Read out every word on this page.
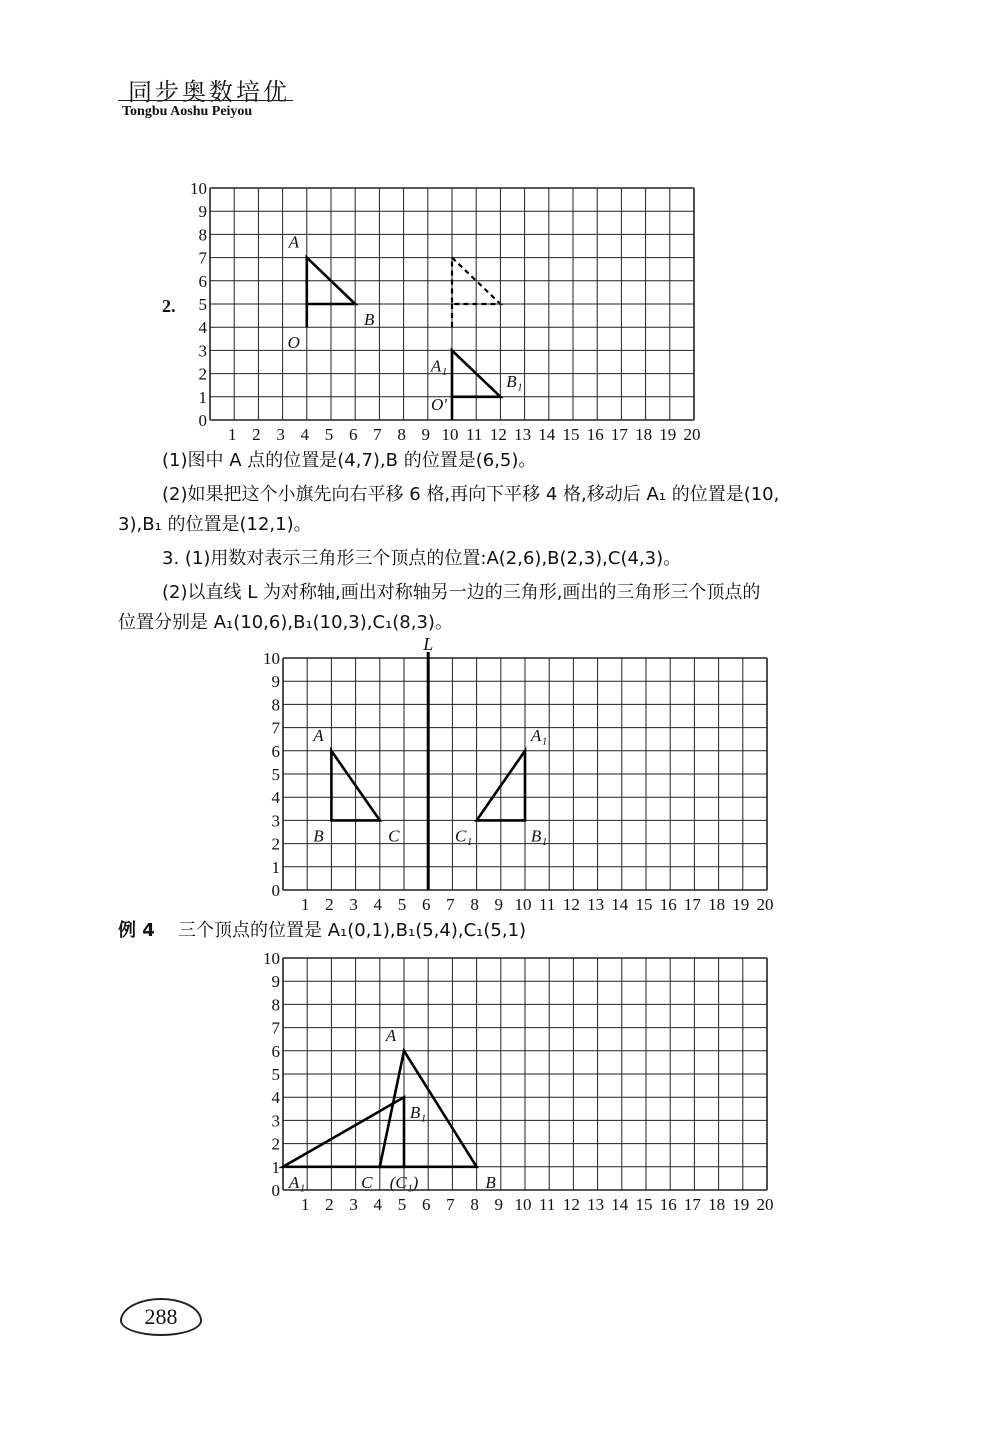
同步奥数培优
Tongbu Aoshu Peiyou
2.
1 2 3 4 5 6 7 8 9 10 11 12 13 14 15 16 17 18 19 20
0
1
2
3
4
5
6
7
8
9
10
A
B
O
A₁
B₁
O'
1 2 3 4 5 6 7 8 9 10 11 12 13 14 15 16 17 18 19 20
0
1
2
3
4
5
6
7
8
9
10
L
A
B	C
A₁
B₁
C₁
1 2 3 4 5 6 7 8 9 10 11 12 13 14 15 16 17 18 19 20
0
1
2
3
4
5
6
7
8
9
10
A
B
C (C₁)
B₁
A₁
(1)图中 A 点的位置是(4,7),B 的位置是(6,5)。
(2)如果把这个小旗先向右平移 6 格,再向下平移 4 格,移动后 A₁ 的位置是(10,
3),B₁ 的位置是(12,1)。
3. (1)用数对表示三角形三个顶点的位置:A(2,6),B(2,3),C(4,3)。
(2)以直线 L 为对称轴,画出对称轴另一边的三角形,画出的三角形三个顶点的
位置分别是 A₁(10,6),B₁(10,3),C₁(8,3)。
例 4 三个顶点的位置是 A₁(0,1),B₁(5,4),C₁(5,1)
288
